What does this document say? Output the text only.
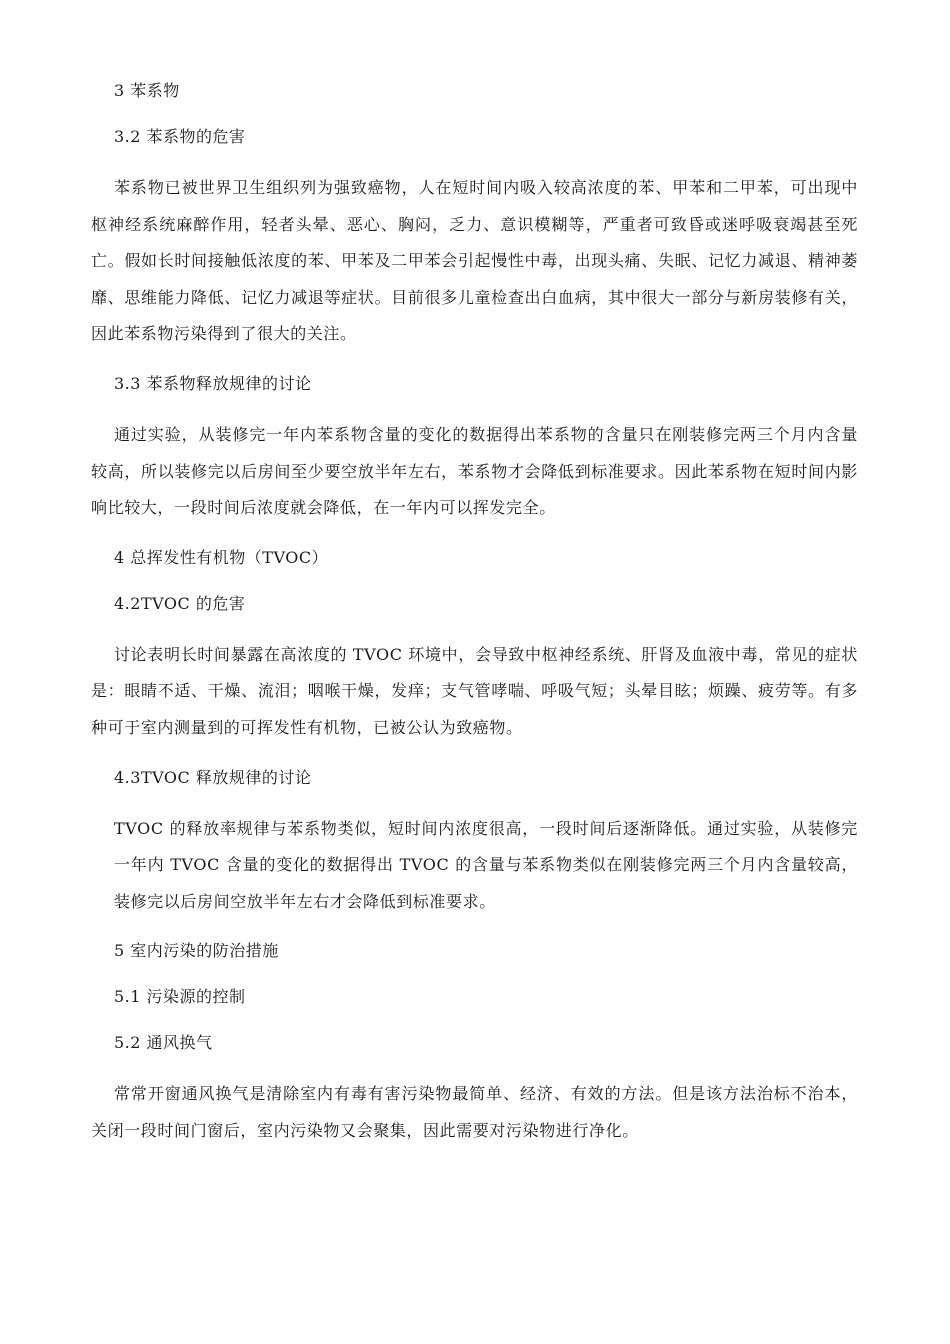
3 苯系物

3.2 苯系物的危害

苯系物已被世界卫生组织列为强致癌物，人在短时间内吸入较高浓度的苯、甲苯和二甲苯，可出现中枢神经系统麻醉作用，轻者头晕、恶心、胸闷，乏力、意识模糊等，严重者可致昏或迷呼吸衰竭甚至死亡。假如长时间接触低浓度的苯、甲苯及二甲苯会引起慢性中毒，出现头痛、失眠、记忆力减退、精神萎靡、思维能力降低、记忆力减退等症状。目前很多儿童检查出白血病，其中很大一部分与新房装修有关，因此苯系物污染得到了很大的关注。

3.3 苯系物释放规律的讨论

通过实验，从装修完一年内苯系物含量的变化的数据得出苯系物的含量只在刚装修完两三个月内含量较高，所以装修完以后房间至少要空放半年左右，苯系物才会降低到标准要求。因此苯系物在短时间内影响比较大，一段时间后浓度就会降低，在一年内可以挥发完全。

4 总挥发性有机物（TVOC）

4.2TVOC 的危害

讨论表明长时间暴露在高浓度的 TVOC 环境中，会导致中枢神经系统、肝肾及血液中毒，常见的症状是：眼睛不适、干燥、流泪；咽喉干燥，发痒；支气管哮喘、呼吸气短；头晕目眩；烦躁、疲劳等。有多种可于室内测量到的可挥发性有机物，已被公认为致癌物。

4.3TVOC 释放规律的讨论

TVOC 的释放率规律与苯系物类似，短时间内浓度很高，一段时间后逐渐降低。通过实验，从装修完一年内 TVOC 含量的变化的数据得出 TVOC 的含量与苯系物类似在刚装修完两三个月内含量较高，装修完以后房间空放半年左右才会降低到标准要求。

5 室内污染的防治措施

5.1 污染源的控制

5.2 通风换气

常常开窗通风换气是清除室内有毒有害污染物最简单、经济、有效的方法。但是该方法治标不治本，关闭一段时间门窗后，室内污染物又会聚集，因此需要对污染物进行净化。
